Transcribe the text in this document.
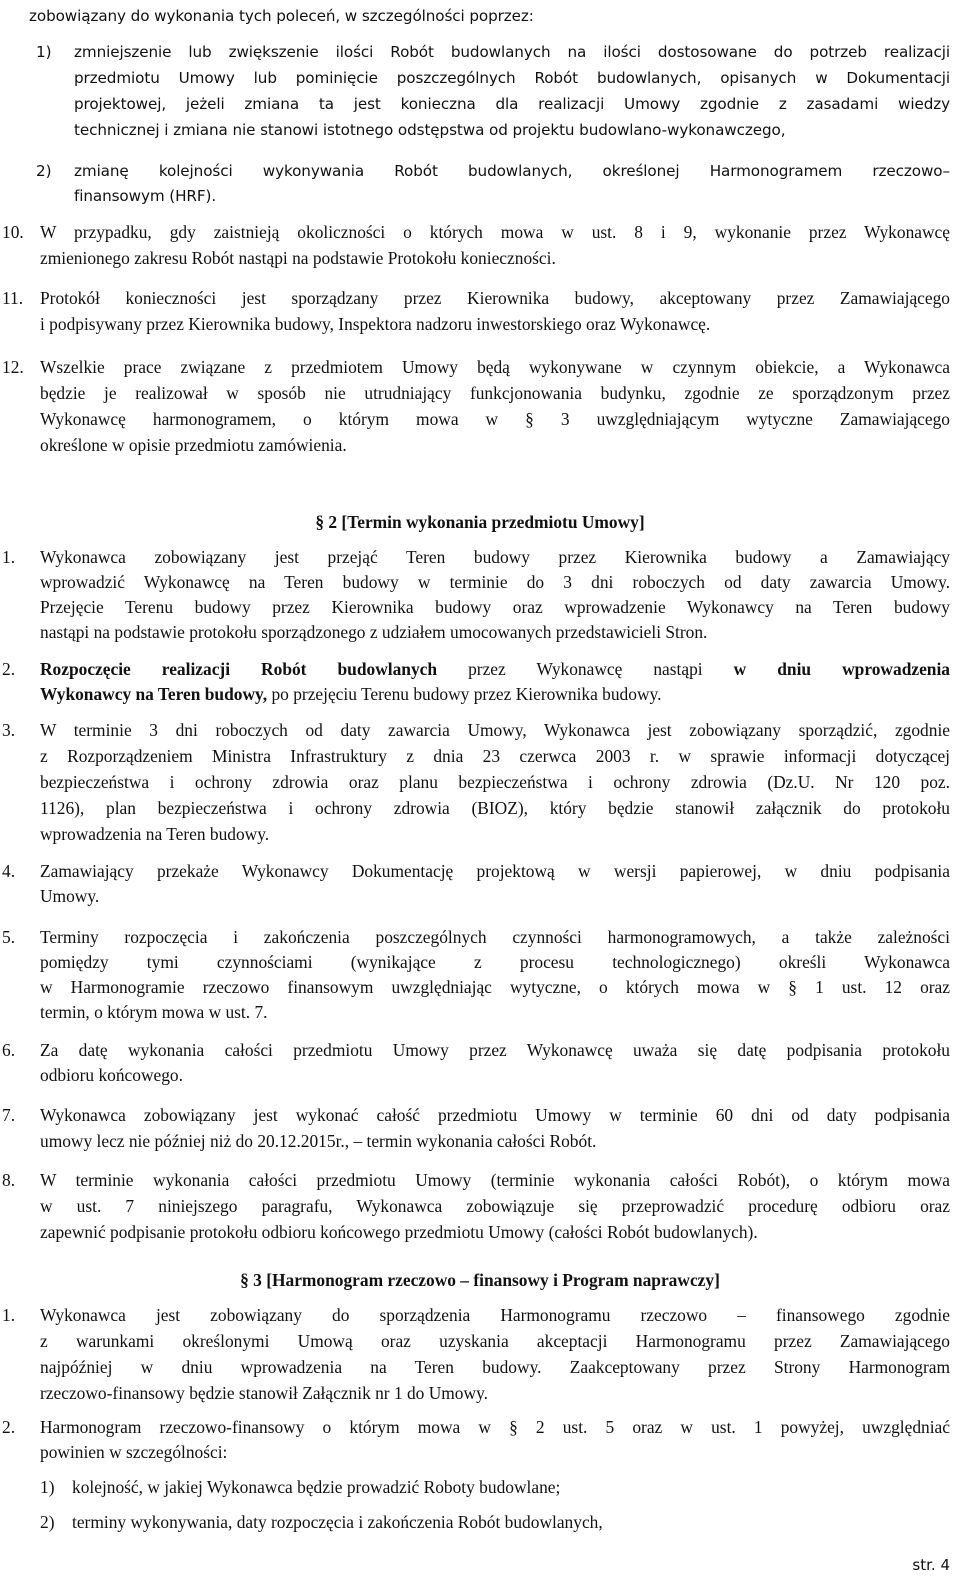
zobowiązany do wykonania tych poleceń, w szczególności poprzez:
1) zmniejszenie lub zwiększenie ilości Robót budowlanych na ilości dostosowane do potrzeb realizacji
przedmiotu Umowy lub pominięcie poszczególnych Robót budowlanych, opisanych w Dokumentacji
projektowej, jeżeli zmiana ta jest konieczna dla realizacji Umowy zgodnie z zasadami wiedzy
technicznej i zmiana nie stanowi istotnego odstępstwa od projektu budowlano-wykonawczego,
2) zmianę kolejności wykonywania Robót budowlanych, określonej Harmonogramem rzeczowo–
finansowym (HRF).
10. W przypadku, gdy zaistnieją okoliczności o których mowa w ust. 8 i 9, wykonanie przez Wykonawcę
zmienionego zakresu Robót nastąpi na podstawie Protokołu konieczności.
11. Protokół konieczności jest sporządzany przez Kierownika budowy, akceptowany przez Zamawiającego
i podpisywany przez Kierownika budowy, Inspektora nadzoru inwestorskiego oraz Wykonawcę.
12. Wszelkie prace związane z przedmiotem Umowy będą wykonywane w czynnym obiekcie, a Wykonawca
będzie je realizował w sposób nie utrudniający funkcjonowania budynku, zgodnie ze sporządzonym przez
Wykonawcę harmonogramem, o którym mowa w § 3 uwzględniającym wytyczne Zamawiającego
określone w opisie przedmiotu zamówienia.
§ 2 [Termin wykonania przedmiotu Umowy]
1. Wykonawca zobowiązany jest przejąć Teren budowy przez Kierownika budowy a Zamawiający
wprowadzić Wykonawcę na Teren budowy w terminie do 3 dni roboczych od daty zawarcia Umowy.
Przejęcie Terenu budowy przez Kierownika budowy oraz wprowadzenie Wykonawcy na Teren budowy
nastąpi na podstawie protokołu sporządzonego z udziałem umocowanych przedstawicieli Stron.
2. Rozpoczęcie realizacji Robót budowlanych przez Wykonawcę nastąpi w dniu wprowadzenia
Wykonawcy na Teren budowy, po przejęciu Terenu budowy przez Kierownika budowy.
3. W terminie 3 dni roboczych od daty zawarcia Umowy, Wykonawca jest zobowiązany sporządzić, zgodnie
z Rozporządzeniem Ministra Infrastruktury z dnia 23 czerwca 2003 r. w sprawie informacji dotyczącej
bezpieczeństwa i ochrony zdrowia oraz planu bezpieczeństwa i ochrony zdrowia (Dz.U. Nr 120 poz.
1126), plan bezpieczeństwa i ochrony zdrowia (BIOZ), który będzie stanowił załącznik do protokołu
wprowadzenia na Teren budowy.
4. Zamawiający przekaże Wykonawcy Dokumentację projektową w wersji papierowej, w dniu podpisania
Umowy.
5. Terminy rozpoczęcia i zakończenia poszczególnych czynności harmonogramowych, a także zależności
pomiędzy tymi czynnościami (wynikające z procesu technologicznego) określi Wykonawca
w Harmonogramie rzeczowo finansowym uwzględniając wytyczne, o których mowa w § 1 ust. 12 oraz
termin, o którym mowa w ust. 7.
6. Za datę wykonania całości przedmiotu Umowy przez Wykonawcę uważa się datę podpisania protokołu
odbioru końcowego.
7. Wykonawca zobowiązany jest wykonać całość przedmiotu Umowy w terminie 60 dni od daty podpisania
umowy lecz nie później niż do 20.12.2015r., – termin wykonania całości Robót.
8. W terminie wykonania całości przedmiotu Umowy (terminie wykonania całości Robót), o którym mowa
w ust. 7 niniejszego paragrafu, Wykonawca zobowiązuje się przeprowadzić procedurę odbioru oraz
zapewnić podpisanie protokołu odbioru końcowego przedmiotu Umowy (całości Robót budowlanych).
§ 3 [Harmonogram rzeczowo – finansowy i Program naprawczy]
1. Wykonawca jest zobowiązany do sporządzenia Harmonogramu rzeczowo – finansowego zgodnie
z warunkami określonymi Umową oraz uzyskania akceptacji Harmonogramu przez Zamawiającego
najpóźniej w dniu wprowadzenia na Teren budowy. Zaakceptowany przez Strony Harmonogram
rzeczowo-finansowy będzie stanowił Załącznik nr 1 do Umowy.
2. Harmonogram rzeczowo-finansowy o którym mowa w § 2 ust. 5 oraz w ust. 1 powyżej, uwzględniać
powinien w szczególności:
1) kolejność, w jakiej Wykonawca będzie prowadzić Roboty budowlane;
2) terminy wykonywania, daty rozpoczęcia i zakończenia Robót budowlanych,
str. 4
